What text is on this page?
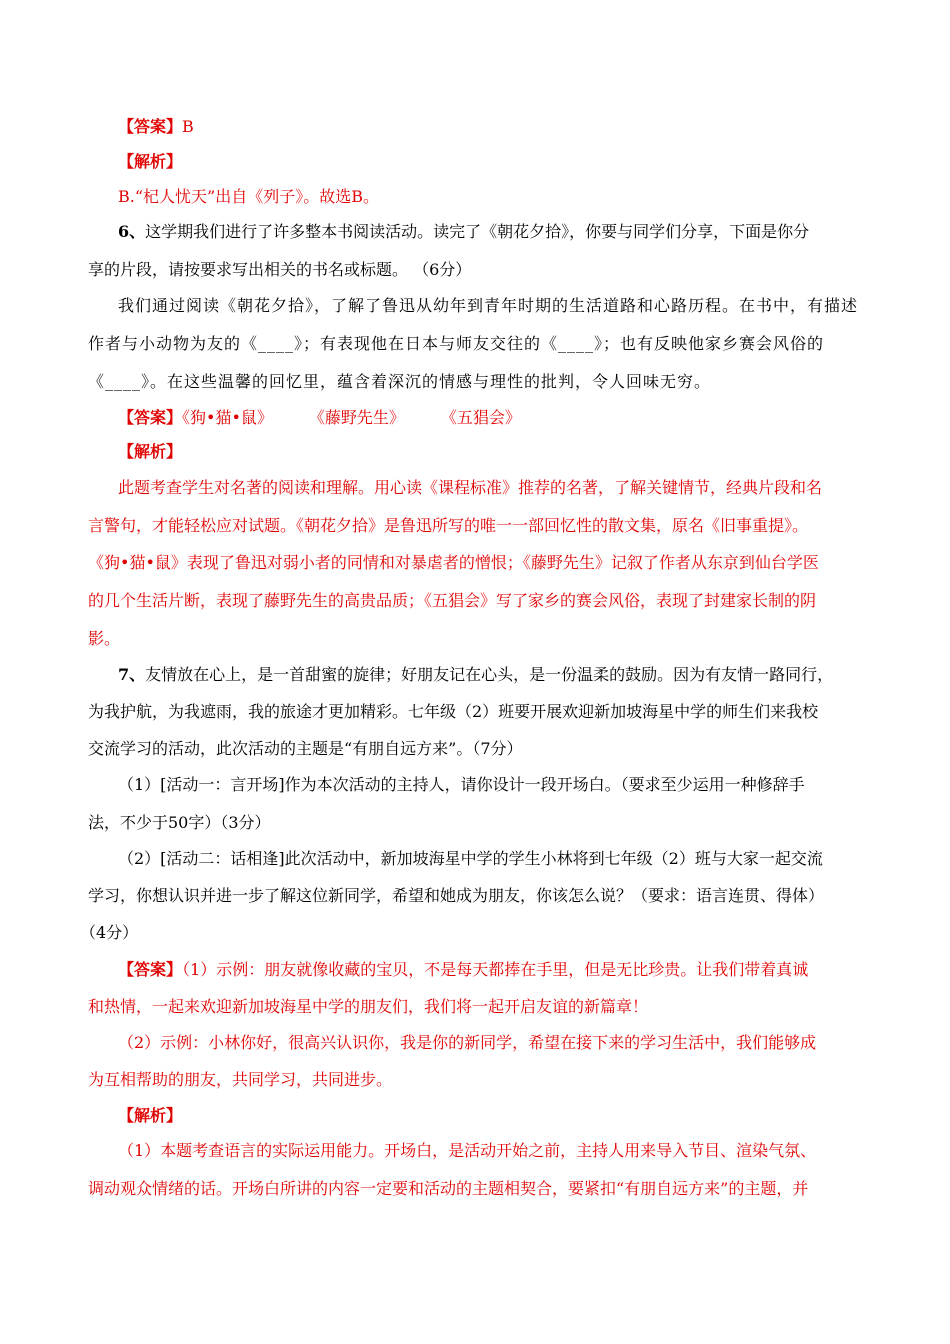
【答案】B
【解析】
B.“杞人忧天”出自《列子》。故选B。
6、这学期我们进行了许多整本书阅读活动。读完了《朝花夕拾》，你要与同学们分享，下面是你分
享的片段，请按要求写出相关的书名或标题。 （6分）
我们通过阅读《朝花夕拾》，了解了鲁迅从幼年到青年时期的生活道路和心路历程。在书中，有描述
作者与小动物为友的《____》；有表现他在日本与师友交往的《____》；也有反映他家乡赛会风俗的
《____》。在这些温馨的回忆里，蕴含着深沉的情感与理性的批判，令人回味无穷。
【答案】《狗•猫•鼠》 《藤野先生》 《五猖会》
【解析】
此题考查学生对名著的阅读和理解。用心读《课程标准》推荐的名著，了解关键情节，经典片段和名
言警句，才能轻松应对试题。《朝花夕拾》是鲁迅所写的唯一一部回忆性的散文集，原名《旧事重提》。
《狗•猫•鼠》表现了鲁迅对弱小者的同情和对暴虐者的憎恨；《藤野先生》记叙了作者从东京到仙台学医
的几个生活片断，表现了藤野先生的高贵品质；《五猖会》写了家乡的赛会风俗，表现了封建家长制的阴
影。
7、友情放在心上，是一首甜蜜的旋律；好朋友记在心头，是一份温柔的鼓励。因为有友情一路同行，
为我护航，为我遮雨，我的旅途才更加精彩。七年级（2）班要开展欢迎新加坡海星中学的师生们来我校
交流学习的活动，此次活动的主题是“有朋自远方来”。（7分）
（1）[活动一：言开场]作为本次活动的主持人，请你设计一段开场白。（要求至少运用一种修辞手
法，不少于50字）（3分）
（2）[活动二：话相逢]此次活动中，新加坡海星中学的学生小林将到七年级（2）班与大家一起交流
学习，你想认识并进一步了解这位新同学，希望和她成为朋友，你该怎么说？（要求：语言连贯、得体）
（4分）
【答案】（1）示例：朋友就像收藏的宝贝，不是每天都捧在手里，但是无比珍贵。让我们带着真诚
和热情，一起来欢迎新加坡海星中学的朋友们，我们将一起开启友谊的新篇章！
（2）示例：小林你好，很高兴认识你，我是你的新同学，希望在接下来的学习生活中，我们能够成
为互相帮助的朋友，共同学习，共同进步。
【解析】
（1）本题考查语言的实际运用能力。开场白，是活动开始之前，主持人用来导入节目、渲染气氛、
调动观众情绪的话。开场白所讲的内容一定要和活动的主题相契合，要紧扣“有朋自远方来”的主题，并
